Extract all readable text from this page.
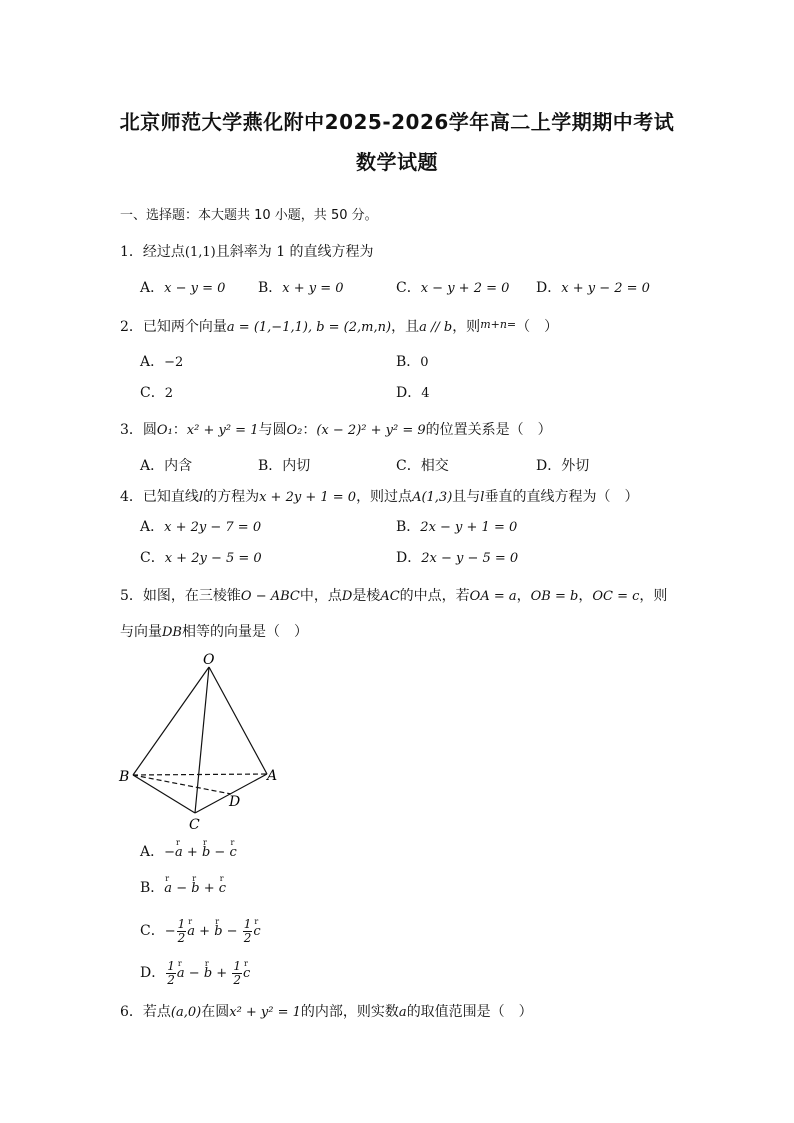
北京师范大学燕化附中2025-2026学年高二上学期期中考试
数学试题
一、选择题：本大题共 10 小题，共 50 分。
1．经过点(1,1)且斜率为 1 的直线方程为
A．x − y = 0 B．x + y = 0	C．x − y + 2 = 0 D．x + y − 2 = 0
2．已知两个向量a = (1,−1,1), b = (2,m,n)，且a // b，则$^{m+n=}$（　）
A．−2	B．0
C．2	D．4
3．圆O₁：x² + y² = 1与圆O₂：(x − 2)² + y² = 9的位置关系是（　）
A．内含	B．内切	C．相交	D．外切
4．已知直线l的方程为x + 2y + 1 = 0，则过点A(1,3)且与l垂直的直线方程为（　）
A．x + 2y − 7 = 0	B．2x − y + 1 = 0
C．x + 2y − 5 = 0	D．2x − y − 5 = 0
5．如图，在三棱锥O − ABC中，点D是棱AC的中点，若OA = a，OB = b，OC = c，则
与向量DB相等的向量是（　）
O
B	A
D
C
A．−r a + r b − r c
B．r a − r b + r c
C．− $\frac{1}{2}$ r a + r $b - \frac{1}{2}$ r c
D． $\frac{1}{2}$ r a − r $b + \frac{1}{2}$ r c
6．若点(a,0)在圆x² + y² = 1的内部，则实数a的取值范围是（　）
